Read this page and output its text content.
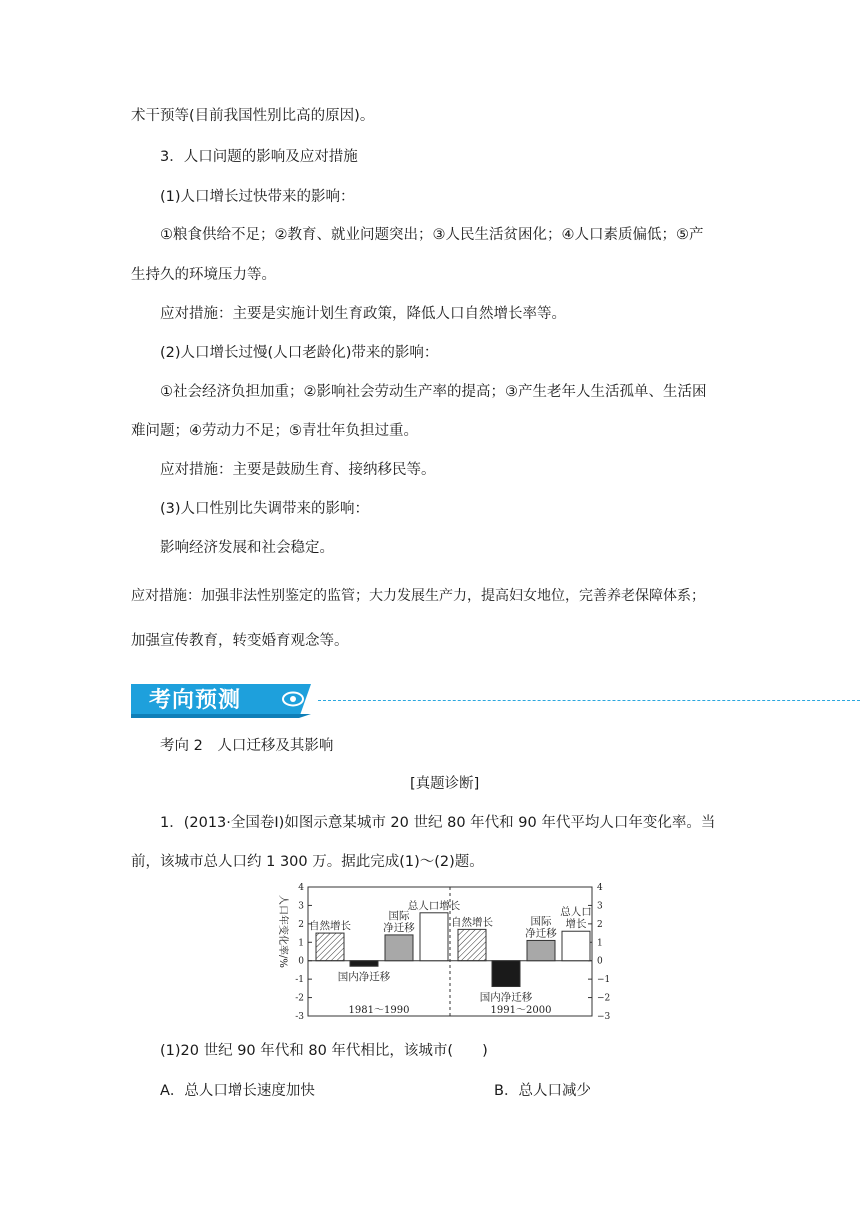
术干预等(目前我国性别比高的原因)。
3．人口问题的影响及应对措施
(1)人口增长过快带来的影响：
①粮食供给不足；②教育、就业问题突出；③人民生活贫困化；④人口素质偏低；⑤产
生持久的环境压力等。
应对措施：主要是实施计划生育政策，降低人口自然增长率等。
(2)人口增长过慢(人口老龄化)带来的影响：
①社会经济负担加重；②影响社会劳动生产率的提高；③产生老年人生活孤单、生活困
难问题；④劳动力不足；⑤青壮年负担过重。
应对措施：主要是鼓励生育、接纳移民等。
(3)人口性别比失调带来的影响：
影响经济发展和社会稳定。
应对措施：加强非法性别鉴定的监管；大力发展生产力，提高妇女地位，完善养老保障体系；
加强宣传教育，转变婚育观念等。
考向预测
考向 2　人口迁移及其影响
[真题诊断]
1．(2013·全国卷Ⅰ)如图示意某城市 20 世纪 80 年代和 90 年代平均人口年变化率。当
前，该城市总人口约 1 300 万。据此完成(1)～(2)题。
4
3
2
1
0
-1
-2
-3
4
3
2
1
0
−1
−2
−3
人口年变化率/% 自然增长
国内净迁移
国际
净迁移
总人口增长
1981～1990
自然增长
国内净迁移
国际
净迁移
总人口
增长
1991～2000
(1)20 世纪 90 年代和 80 年代相比，该城市(　　)
A．总人口增长速度加快	B．总人口减少
